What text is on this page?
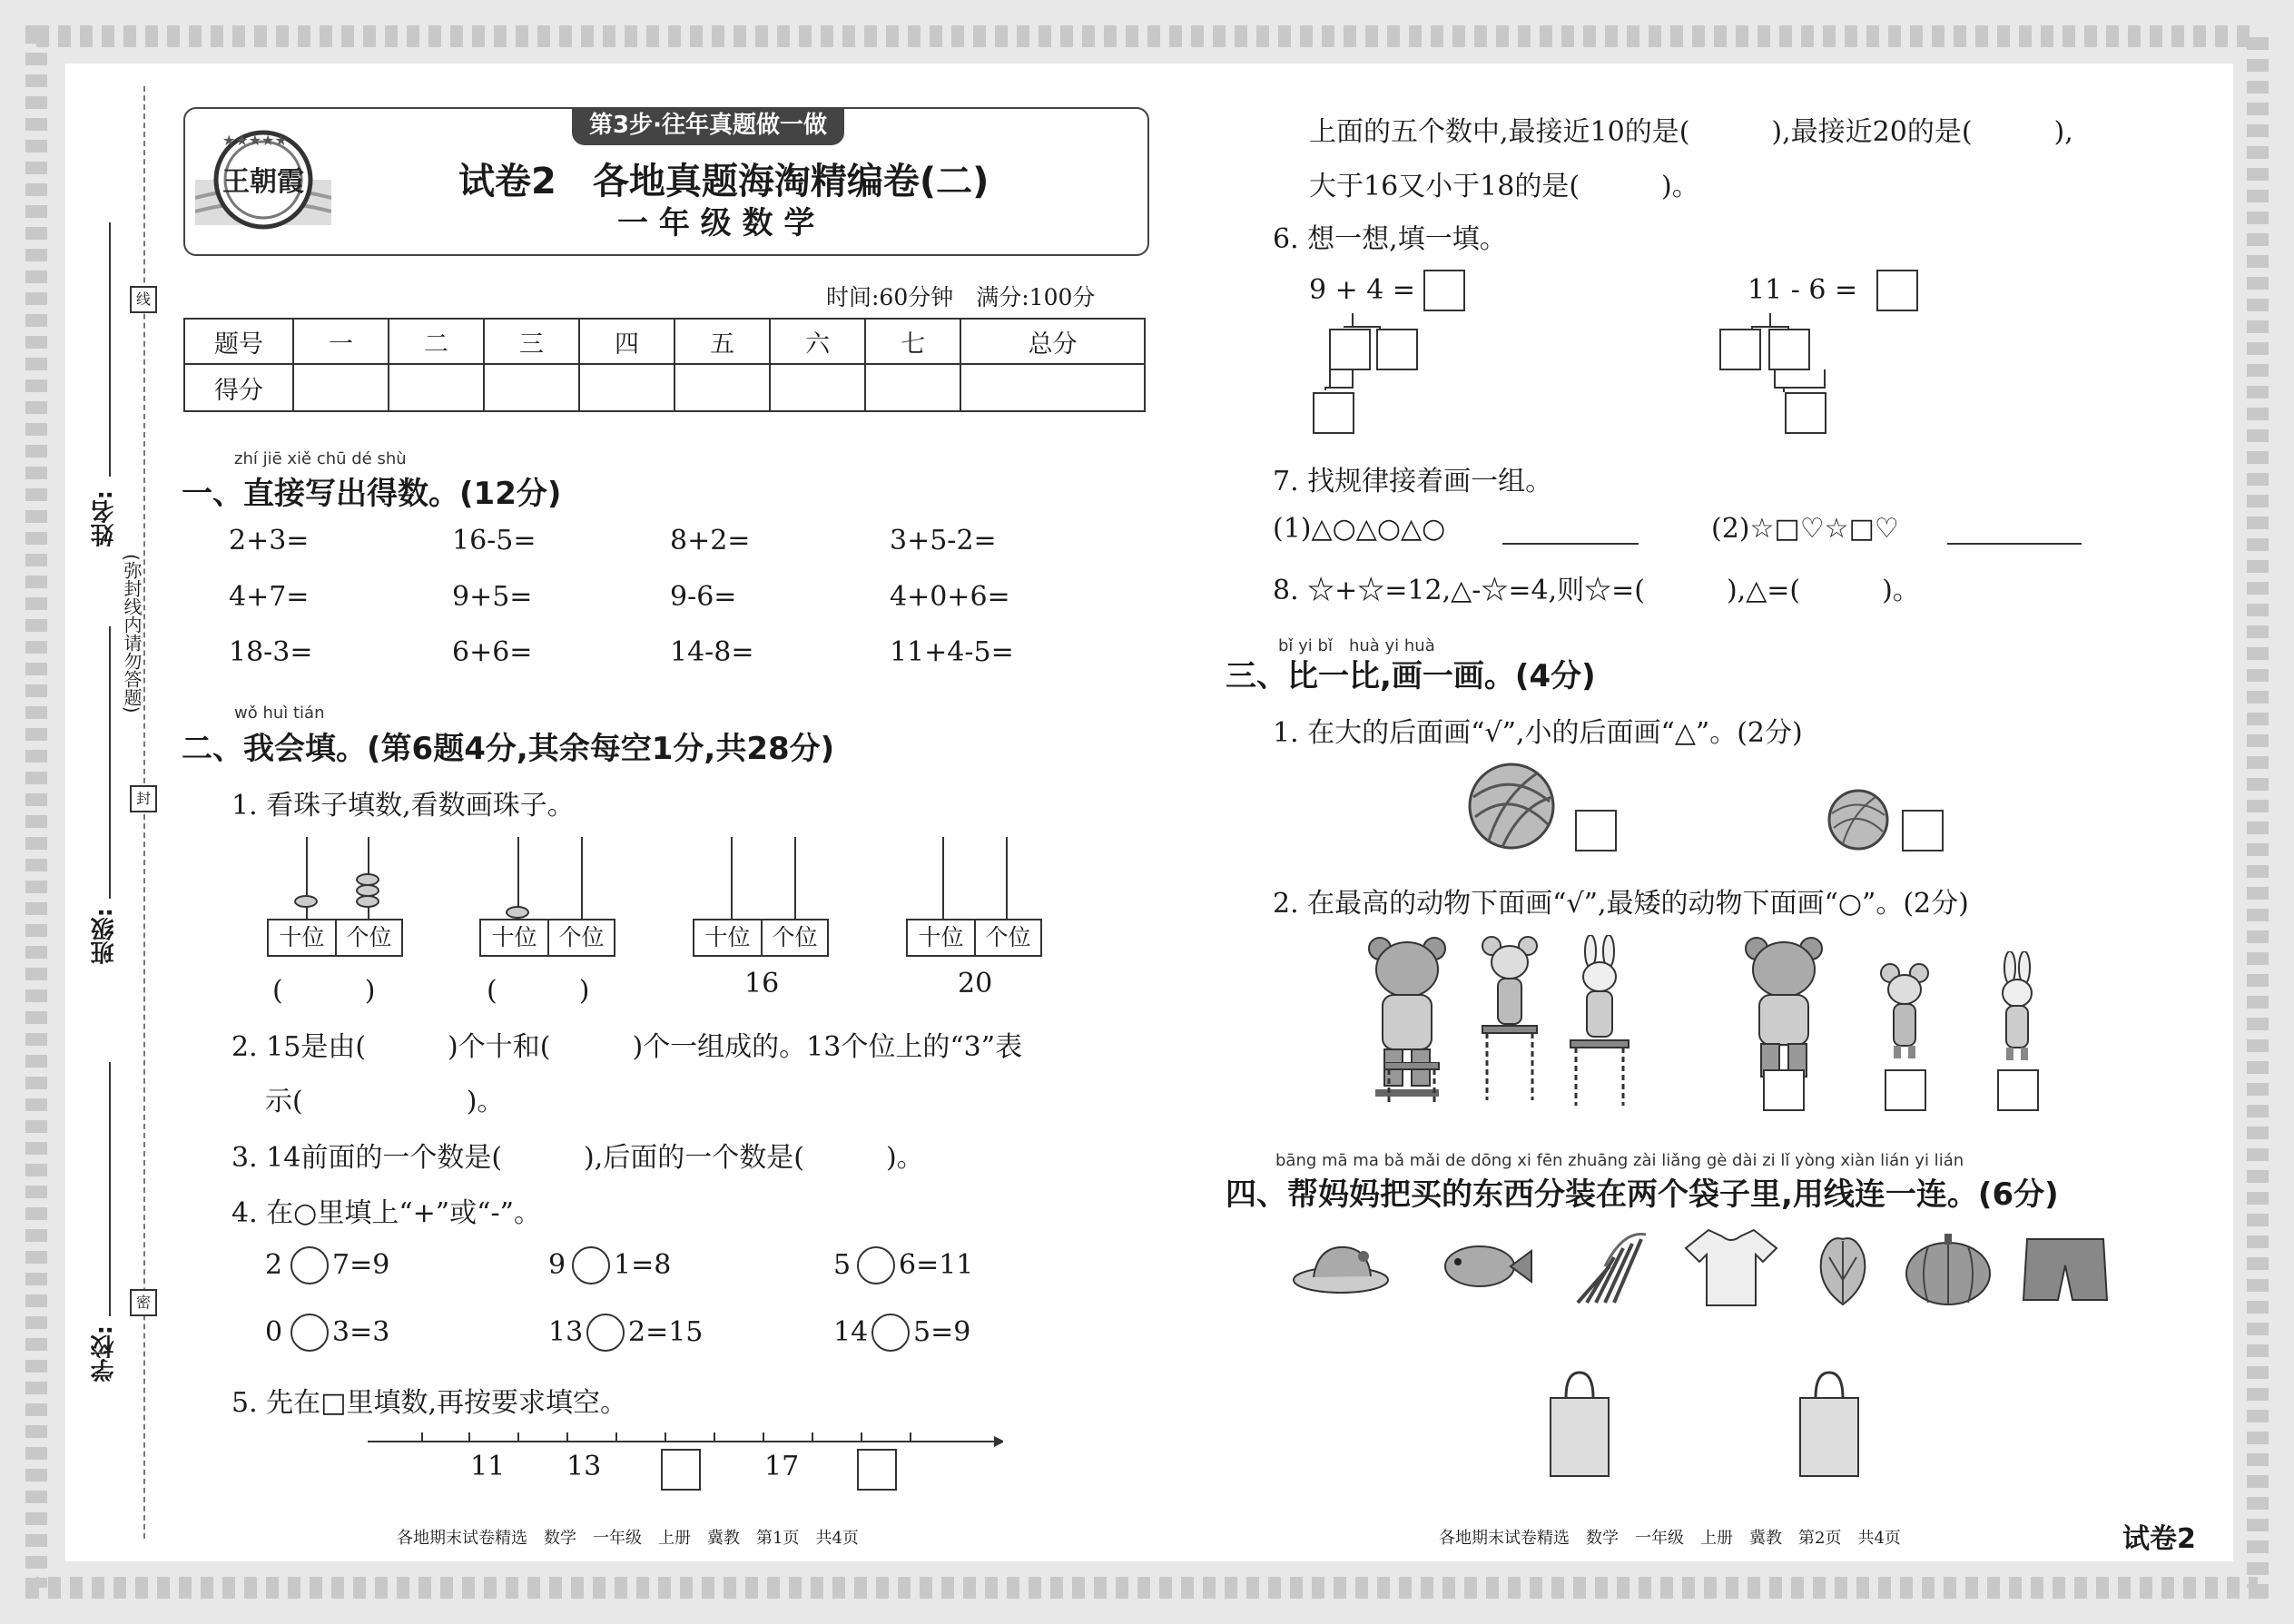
学校:
班级:
姓名:
线
封
密
(弥封线内请勿答题)
第3步·往年真题做一做
★★★★★
王朝霞	试卷2　各地真题海淘精编卷(二)
一 年 级 数 学
时间:60分钟　满分:100分
题号	一	二	三	四	五	六	七	总分
得分								
zhí jiē xiě chū dé shù
一、直接写出得数。(12分)
2+3=	16-5=	8+2=	3+5-2=
4+7=	9+5=	9-6=	4+0+6=
18-3=	6+6=	14-8=	11+4-5=
wǒ huì tián
二、我会填。(第6题4分,其余每空1分,共28分)
1. 看珠子填数,看数画珠子。
十位 个位
(　　　)
十位 个位
(　　　)
十位 个位
16
十位 个位
20
2. 15是由(　　　)个十和(　　　)个一组成的。13个位上的“3”表
示(　　　　　　)。
3. 14前面的一个数是(　　　),后面的一个数是(　　　)。
4. 在○里填上“+”或“-”。
2 7=9	9 1=8	5 6=11
0 3=3	13 2=15	14 5=9
5. 先在□里填数,再按要求填空。
11 13	17
各地期末试卷精选　数学　一年级　上册　冀教　第1页　共4页
上面的五个数中,最接近10的是(　　　),最接近20的是(　　　),
大于16又小于18的是(　　　)。
6. 想一想,填一填。
9 + 4 =	11 - 6 =
7. 找规律接着画一组。
(1)△○△○△○	(2)☆□♡☆□♡
8. ☆+☆=12,△-☆=4,则☆=(　　　),△=(　　　)。
bǐ yi bǐ　huà yi huà
三、比一比,画一画。(4分)
1. 在大的后面画“√”,小的后面画“△”。(2分)
2. 在最高的动物下面画“√”,最矮的动物下面画“○”。(2分)
bāng mā ma bǎ mǎi de dōng xi fēn zhuāng zài liǎng gè dài zi lǐ yòng xiàn lián yi lián
四、帮妈妈把买的东西分装在两个袋子里,用线连一连。(6分)
各地期末试卷精选　数学　一年级　上册　冀教　第2页　共4页	试卷2
